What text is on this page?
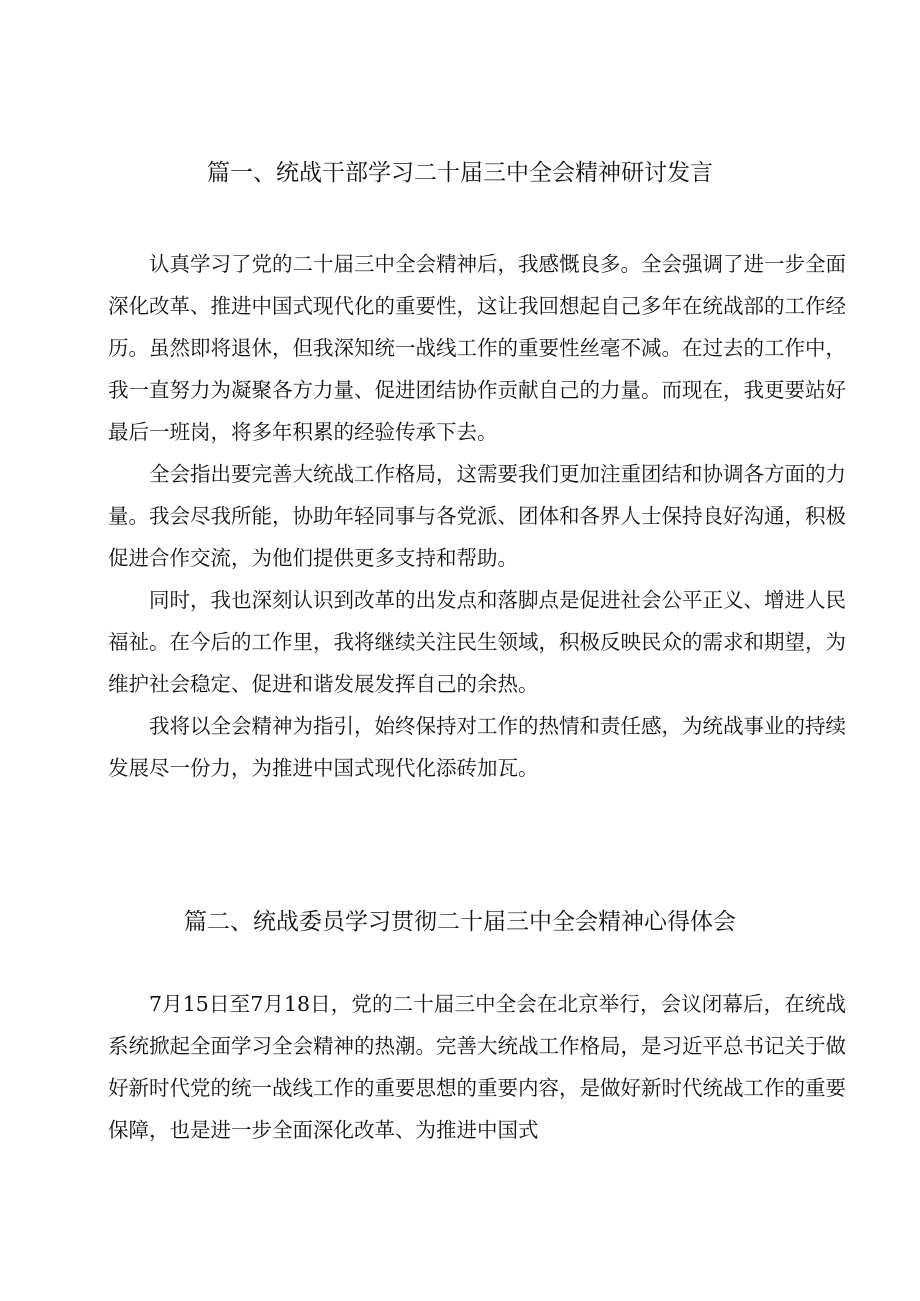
篇一、统战干部学习二十届三中全会精神研讨发言

认真学习了党的二十届三中全会精神后，我感慨良多。全会强调了进一步全面深化改革、推进中国式现代化的重要性，这让我回想起自己多年在统战部的工作经历。虽然即将退休，但我深知统一战线工作的重要性丝毫不减。在过去的工作中，我一直努力为凝聚各方力量、促进团结协作贡献自己的力量。而现在，我更要站好最后一班岗，将多年积累的经验传承下去。

全会指出要完善大统战工作格局，这需要我们更加注重团结和协调各方面的力量。我会尽我所能，协助年轻同事与各党派、团体和各界人士保持良好沟通，积极促进合作交流，为他们提供更多支持和帮助。

同时，我也深刻认识到改革的出发点和落脚点是促进社会公平正义、增进人民福祉。在今后的工作里，我将继续关注民生领域，积极反映民众的需求和期望，为维护社会稳定、促进和谐发展发挥自己的余热。

我将以全会精神为指引，始终保持对工作的热情和责任感，为统战事业的持续发展尽一份力，为推进中国式现代化添砖加瓦。

篇二、统战委员学习贯彻二十届三中全会精神心得体会

7月15日至7月18日，党的二十届三中全会在北京举行，会议闭幕后，在统战系统掀起全面学习全会精神的热潮。完善大统战工作格局，是习近平总书记关于做好新时代党的统一战线工作的重要思想的重要内容，是做好新时代统战工作的重要保障，也是进一步全面深化改革、为推进中国式
